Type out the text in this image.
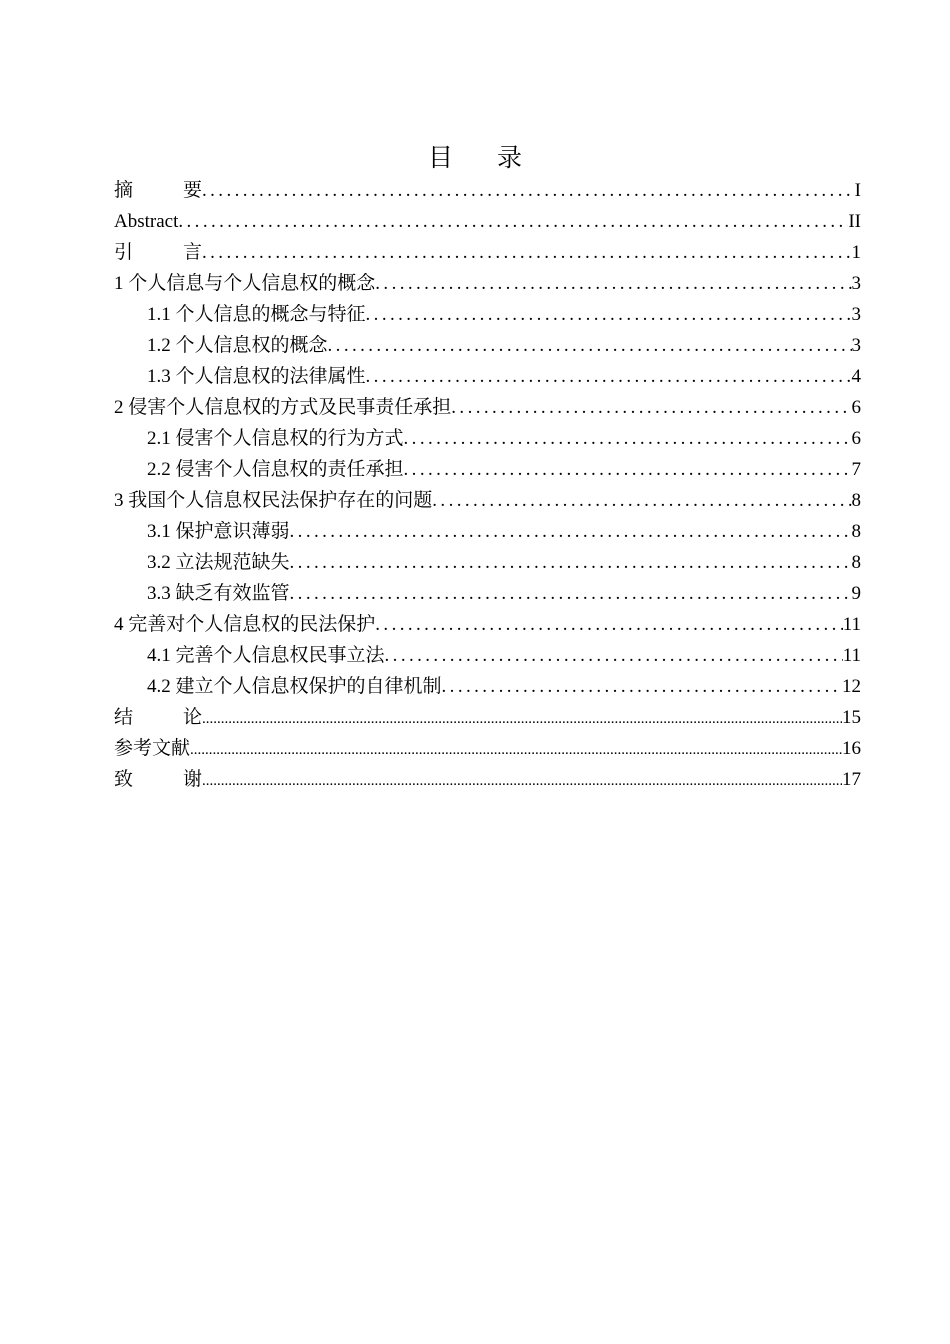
目 录
摘	要 .....	I
Abstract .....	II
引	言 .....	1
1 个人信息与个人信息权的概念 .....	3
1.1 个人信息的概念与特征 .....	3
1.2 个人信息权的概念 .....	3
1.3 个人信息权的法律属性 .....	4
2 侵害个人信息权的方式及民事责任承担 .....	6
2.1 侵害个人信息权的行为方式 .....	6
2.2 侵害个人信息权的责任承担 .....	7
3 我国个人信息权民法保护存在的问题 .....	8
3.1 保护意识薄弱 .....	8
3.2 立法规范缺失 .....	8
3.3 缺乏有效监管 .....	9
4 完善对个人信息权的民法保护 .....	11
4.1 完善个人信息权民事立法 .....	11
4.2 建立个人信息权保护的自律机制 .....	12
结	论 .....	15
参考文献 .....	16
致	谢 .....	17
